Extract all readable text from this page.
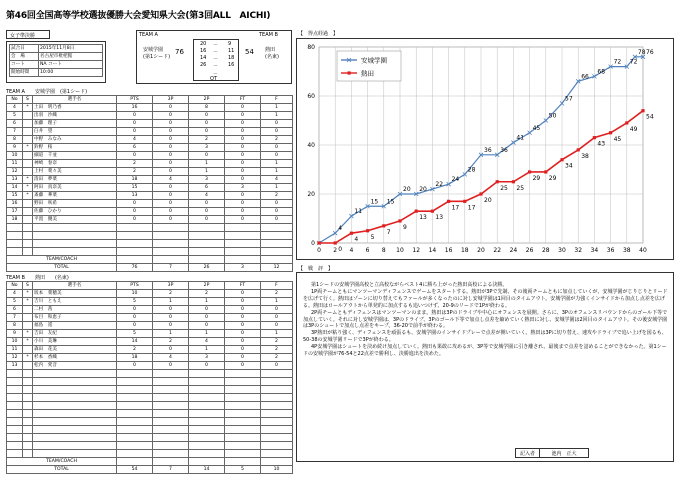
第46回全国高等学校選抜優勝大会愛知県大会(第3回ALL　AICHI)
女子準決勝
試合日	2015年11月8日
会　場	名古屋市枇杷館
コート	NA コート
開始時間	10:00
TEAM A	TEAM B
安城学園
(第1シード)
熱田
(名東)
76	54
20 － 9
16 － 11
14 － 18
26 － 16
－
OT
TEAM A　　安城学園　(第1シード)
No	S	選手名	PTS	3P	2P	FT	F
4	*	土田　明乃香	16	0	8	0	1
5		出羽　沙織	0	0	0	0	1
6		加藤　理子	0	0	0	0	0
7		臼井　望	0	0	0	0	0
8		中野　みなみ	4	0	2	0	2
9	*	鈴野　桜	6	0	3	0	0
10		細道　千並	0	0	0	0	0
11		神崎　春奈	2	0	1	0	1
12		上村　菜々美	2	0	1	0	1
13	*	清田　夢菜	18	4	3	0	4
14	*	阿田　真奈美	15	0	6	3	1
15	*	斎藤　華菜	13	0	4	0	2
16		野田　咲希	0	0	0	0	0
17		佐藤　ひかり	0	0	0	0	0
18		平置　優美	0	0	0	0	0

TEAM/COACH							
TOTAL			76	7	26	3	12
TEAM B　　熱田　　(名東)
No	S	選手名	PTS	3P	2P	FT	F
4	*	坂本　菜穂美	10	2	2	0	2
5	*	吉川　ともえ	5	1	1	0	1
6		二村　茜	0	0	0	0	0
7		布目　和恵子	0	0	0	0	0
8		福島　遥	0	0	0	0	0
9	*	吉田　友紀	5	1	1	0	1
10	*	小川　美琳	14	2	4	0	2
11		森田　花美	2	0	1	0	2
12	*	杉本　香織	18	4	3	0	2
13		松内　愛音	0	0	0	0	0

TEAM/COACH							
TOTAL			54	7	14	5	10
【　得点経過　】
0 2 4 6 8 10 12 14 16 18 20 22 24 26 28 30 32 34 36 38 40
0
20
40
60
80
4
11
15 15
20 20
22
24
28
36 36
41
45
50
57
66
68
72 72
78 76
0
4 5
7
9
13 13
17 17
20
25 25
29 29
34
38
43
45
49
54
安城学園
熱田
【　戦　評　】

第1シードの安城学園高校と立高校ながらベスト4に勝ち上がった熱田高校による決勝。

1P両チームともにマンツーマンディフェンスでゲームをスタートする。熱田が3Pで先制、その後両チームともに加点していくが、安城学園がじりじりとリードを広げて行く。熱田はゾーンに切り替えてもファールが多くなったのに対し安城学園は1回目のタイムアウト。安城学園が力強くインサイドから加点し点差を広げる。熱田はロールアウトから単発的に加点するも追いつけず、20-9のリードで1Pが終わる。

2P両チームともディフェンスはマンツーマンのまま。熱田は3Pのドライブや中心にオフェンスを展開。さらに、3Pのオフェンスリバウンドからのゴール下等で加点していく。それに対し安城学園は、3Pのドライブ、3Pのゴール下等で加点し点差を縮めていく熱田に対し、安城学園は2回目のタイムアウト。その後安城学園は3Pのシュートで加点し点差をキープ。36-20で前半が終わる。

3P熱田が粘り強く、ディフェンスを頑張るも、安城学園のインサイドプレーで点差が開いていく。熱田は3Pに切り替え、速攻やドライブで追い上げを図るも、50-38の安城学園リードで3Pが終わる。

4P安城学園はシュートを決め続け加点していく。熱田も果敢に攻めるが、3P等で安城学園に引き離され、最後まで点差を詰めることができなかった。第1シードの安城学園が76-54と22点差で勝利し、決勝進出を決めた。

記入者	池内　正大
